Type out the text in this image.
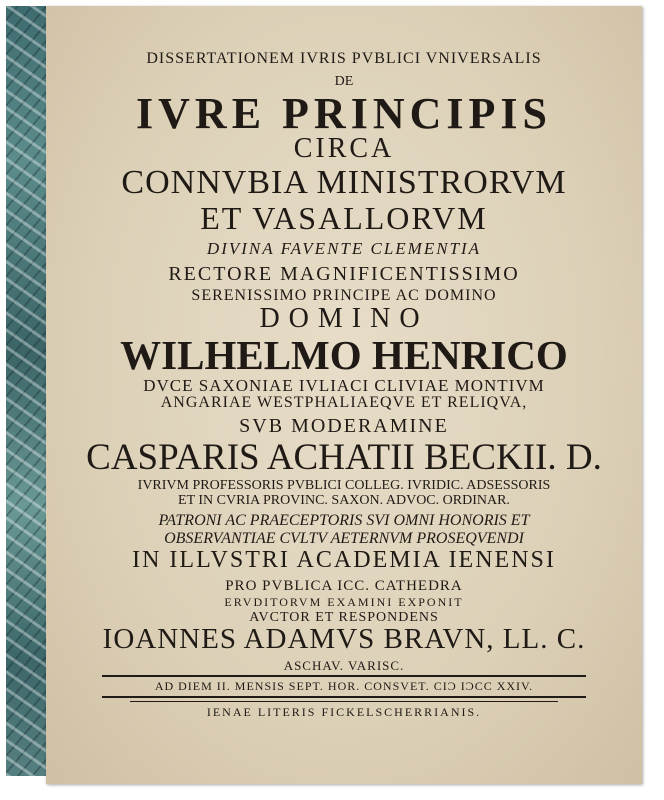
DISSERTATIONEM IVRIS PVBLICI VNIVERSALIS
DE
IVRE PRINCIPIS
CIRCA
CONNVBIA MINISTRORVM
ET VASALLORVM
DIVINA FAVENTE CLEMENTIA
RECTORE MAGNIFICENTISSIMO
SERENISSIMO PRINCIPE AC DOMINO
DOMINO
WILHELMO HENRICO
DVCE SAXONIAE IVLIACI CLIVIAE MONTIVM
ANGARIAE WESTPHALIAEQVE ET RELIQVA,
SVB MODERAMINE
CASPARIS ACHATII BECKII. D.
IVRIVM PROFESSORIS PVBLICI COLLEG. IVRIDIC. ADSESSORIS
ET IN CVRIA PROVINC. SAXON. ADVOC. ORDINAR.
PATRONI AC PRAECEPTORIS SVI OMNI HONORIS ET
OBSERVANTIAE CVLTV AETERNVM PROSEQVENDI
IN ILLVSTRI ACADEMIA IENENSI
PRO PVBLICA ICC. CATHEDRA
ERVDITORVM EXAMINI EXPONIT
AVCTOR ET RESPONDENS
IOANNES ADAMVS BRAVN, LL. C.
ASCHAV. VARISC.
AD DIEM II. MENSIS SEPT. HOR. CONSVET. CIϽ IϽCC XXIV.
IENAE LITERIS FICKELSCHERRIANIS.
